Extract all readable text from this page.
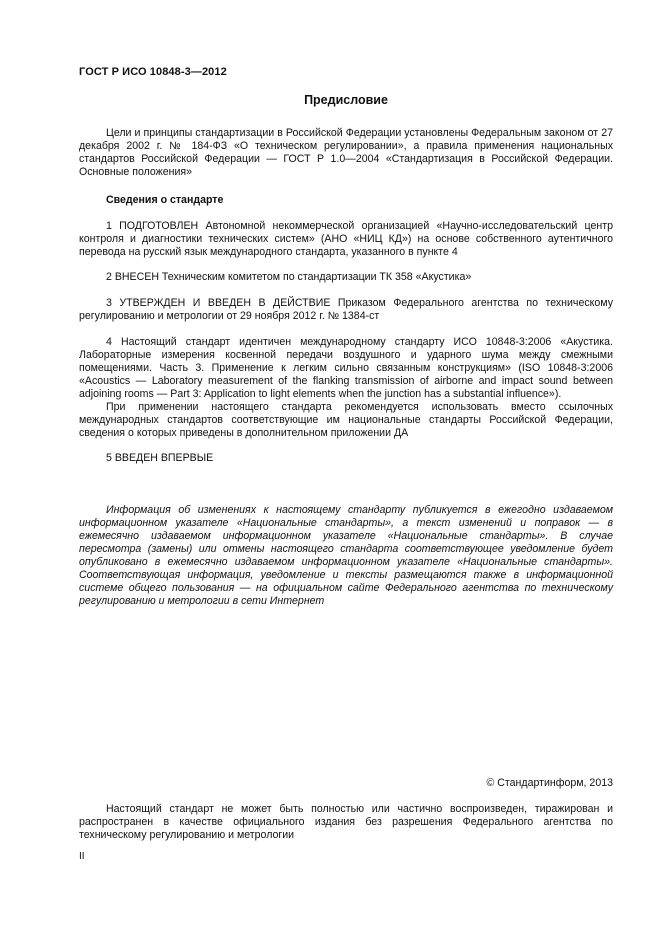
ГОСТ Р ИСО 10848-3—2012
Предисловие

Цели и принципы стандартизации в Российской Федерации установлены Федеральным законом от 27 декабря 2002 г. № 184-ФЗ «О техническом регулировании», а правила применения национальных стандартов Российской Федерации — ГОСТ Р 1.0—2004 «Стандартизация в Российской Федерации. Основные положения»

Сведения о стандарте

1 ПОДГОТОВЛЕН Автономной некоммерческой организацией «Научно-исследовательский центр контроля и диагностики технических систем» (АНО «НИЦ КД») на основе собственного аутентичного перевода на русский язык международного стандарта, указанного в пункте 4

2 ВНЕСЕН Техническим комитетом по стандартизации ТК 358 «Акустика»

3 УТВЕРЖДЕН И ВВЕДЕН В ДЕЙСТВИЕ Приказом Федерального агентства по техническому регулированию и метрологии от 29 ноября 2012 г. № 1384-ст

4 Настоящий стандарт идентичен международному стандарту ИСО 10848-3:2006 «Акустика. Лабораторные измерения косвенной передачи воздушного и ударного шума между смежными помещениями. Часть 3. Применение к легким сильно связанным конструкциям» (ISO 10848-3:2006 «Acoustics — Laboratory measurement of the flanking transmission of airborne and impact sound between adjoining rooms — Part 3: Application to light elements when the junction has a substantial influence»).

При применении настоящего стандарта рекомендуется использовать вместо ссылочных международных стандартов соответствующие им национальные стандарты Российской Федерации, сведения о которых приведены в дополнительном приложении ДА

5 ВВЕДЕН ВПЕРВЫЕ

Информация об изменениях к настоящему стандарту публикуется в ежегодно издаваемом информационном указателе «Национальные стандарты», а текст изменений и поправок — в ежемесячно издаваемом информационном указателе «Национальные стандарты». В случае пересмотра (замены) или отмены настоящего стандарта соответствующее уведомление будет опубликовано в ежемесячно издаваемом информационном указателе «Национальные стандарты». Соответствующая информация, уведомление и тексты размещаются также в информационной системе общего пользования — на официальном сайте Федерального агентства по техническому регулированию и метрологии в сети Интернет

© Стандартинформ, 2013

Настоящий стандарт не может быть полностью или частично воспроизведен, тиражирован и распространен в качестве официального издания без разрешения Федерального агентства по техническому регулированию и метрологии

II
